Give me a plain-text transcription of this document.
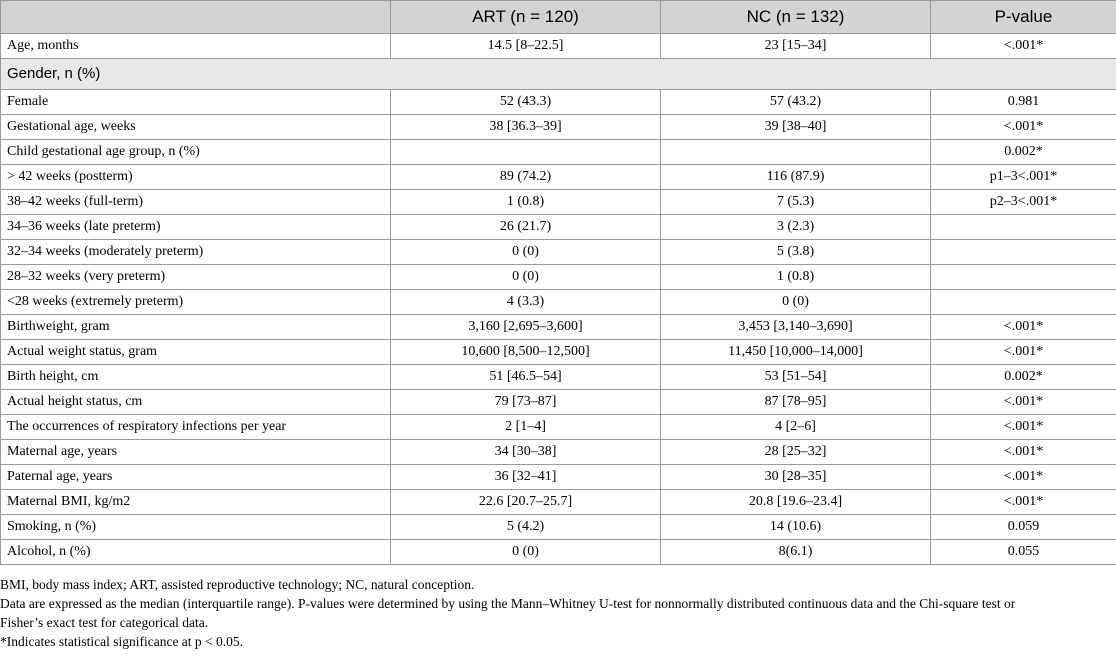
	ART (n = 120)	NC (n = 132)	P-value
Age, months	14.5 [8–22.5]	23 [15–34]	<.001*
Gender, n (%)			
Female	52 (43.3)	57 (43.2)	0.981
Gestational age, weeks	38 [36.3–39]	39 [38–40]	<.001*
Child gestational age group, n (%)			0.002*
> 42 weeks (postterm)	89 (74.2)	116 (87.9)	p1–3<.001*
38–42 weeks (full-term)	1 (0.8)	7 (5.3)	p2–3<.001*
34–36 weeks (late preterm)	26 (21.7)	3 (2.3)	
32–34 weeks (moderately preterm)	0 (0)	5 (3.8)	
28–32 weeks (very preterm)	0 (0)	1 (0.8)	
<28 weeks (extremely preterm)	4 (3.3)	0 (0)	
Birthweight, gram	3,160 [2,695–3,600]	3,453 [3,140–3,690]	<.001*
Actual weight status, gram	10,600 [8,500–12,500]	11,450 [10,000–14,000]	<.001*
Birth height, cm	51 [46.5–54]	53 [51–54]	0.002*
Actual height status, cm	79 [73–87]	87 [78–95]	<.001*
The occurrences of respiratory infections per year	2 [1–4]	4 [2–6]	<.001*
Maternal age, years	34 [30–38]	28 [25–32]	<.001*
Paternal age, years	36 [32–41]	30 [28–35]	<.001*
Maternal BMI, kg/m2	22.6 [20.7–25.7]	20.8 [19.6–23.4]	<.001*
Smoking, n (%)	5 (4.2)	14 (10.6)	0.059
Alcohol, n (%)	0 (0)	8(6.1)	0.055
BMI, body mass index; ART, assisted reproductive technology; NC, natural conception.
Data are expressed as the median (interquartile range). P-values were determined by using the Mann–Whitney U-test for nonnormally distributed continuous data and the Chi-square test or
Fisher’s exact test for categorical data.
*Indicates statistical significance at p < 0.05.
